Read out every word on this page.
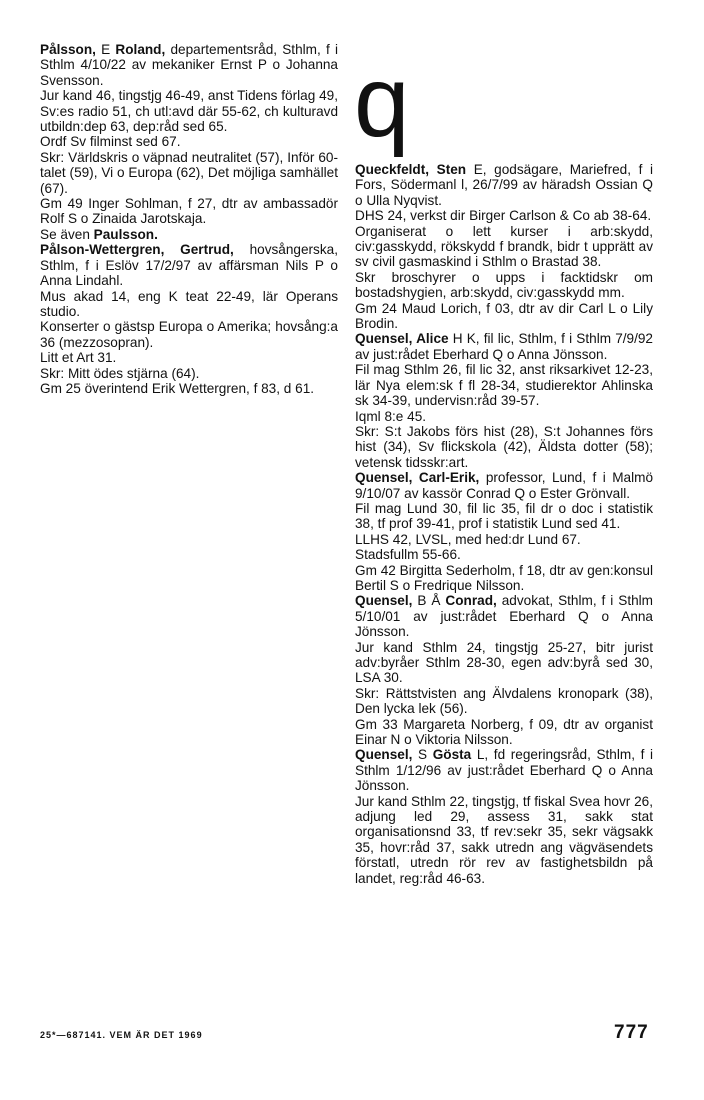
Pålsson, E Roland, departementsråd, Sthlm, f i Sthlm 4/10/22 av mekaniker Ernst P o Johanna Svensson.

Jur kand 46, tingstjg 46-49, anst Tidens förlag 49, Sv:es radio 51, ch utl:avd där 55-62, ch kulturavd utbildn:dep 63, dep:råd sed 65.

Ordf Sv filminst sed 67.

Skr: Världskris o väpnad neutralitet (57), Inför 60-talet (59), Vi o Europa (62), Det möjliga samhället (67).

Gm 49 Inger Sohlman, f 27, dtr av ambassadör Rolf S o Zinaida Jarotskaja.

Se även Paulsson.

Pålson-Wettergren, Gertrud, hovsångerska, Sthlm, f i Eslöv 17/2/97 av affärsman Nils P o Anna Lindahl.

Mus akad 14, eng K teat 22-49, lär Operans studio.

Konserter o gästsp Europa o Amerika; hovsång:a 36 (mezzosopran).

Litt et Art 31.

Skr: Mitt ödes stjärna (64).

Gm 25 överintend Erik Wettergren, f 83, d 61.

q

Queckfeldt, Sten E, godsägare, Mariefred, f i Fors, Södermanl l, 26/7/99 av häradsh Ossian Q o Ulla Nyqvist.

DHS 24, verkst dir Birger Carlson & Co ab 38-64.

Organiserat o lett kurser i arb:skydd, civ:gasskydd, rökskydd f brandk, bidr t upprätt av sv civil gasmaskind i Sthlm o Brastad 38.

Skr broschyrer o upps i facktidskr om bostadshygien, arb:skydd, civ:gasskydd mm.

Gm 24 Maud Lorich, f 03, dtr av dir Carl L o Lily Brodin.

Quensel, Alice H K, fil lic, Sthlm, f i Sthlm 7/9/92 av just:rådet Eberhard Q o Anna Jönsson.

Fil mag Sthlm 26, fil lic 32, anst riksarkivet 12-23, lär Nya elem:sk f fl 28-34, studierektor Ahlinska sk 34-39, undervisn:råd 39-57.

Iqml 8:e 45.

Skr: S:t Jakobs förs hist (28), S:t Johannes förs hist (34), Sv flickskola (42), Äldsta dotter (58); vetensk tidsskr:art.

Quensel, Carl-Erik, professor, Lund, f i Malmö 9/10/07 av kassör Conrad Q o Ester Grönvall.

Fil mag Lund 30, fil lic 35, fil dr o doc i statistik 38, tf prof 39-41, prof i statistik Lund sed 41.

LLHS 42, LVSL, med hed:dr Lund 67.

Stadsfullm 55-66.

Gm 42 Birgitta Sederholm, f 18, dtr av gen:konsul Bertil S o Fredrique Nilsson.

Quensel, B Å Conrad, advokat, Sthlm, f i Sthlm 5/10/01 av just:rådet Eberhard Q o Anna Jönsson.

Jur kand Sthlm 24, tingstjg 25-27, bitr jurist adv:byråer Sthlm 28-30, egen adv:byrå sed 30, LSA 30.

Skr: Rättstvisten ang Älvdalens kronopark (38), Den lycka lek (56).

Gm 33 Margareta Norberg, f 09, dtr av organist Einar N o Viktoria Nilsson.

Quensel, S Gösta L, fd regeringsråd, Sthlm, f i Sthlm 1/12/96 av just:rådet Eberhard Q o Anna Jönsson.

Jur kand Sthlm 22, tingstjg, tf fiskal Svea hovr 26, adjung led 29, assess 31, sakk stat organisationsnd 33, tf rev:sekr 35, sekr vägsakk 35, hovr:råd 37, sakk utredn ang vägväsendets förstatl, utredn rör rev av fastighetsbildn på landet, reg:råd 46-63.

25*—687141. VEM ÄR DET 1969	777
